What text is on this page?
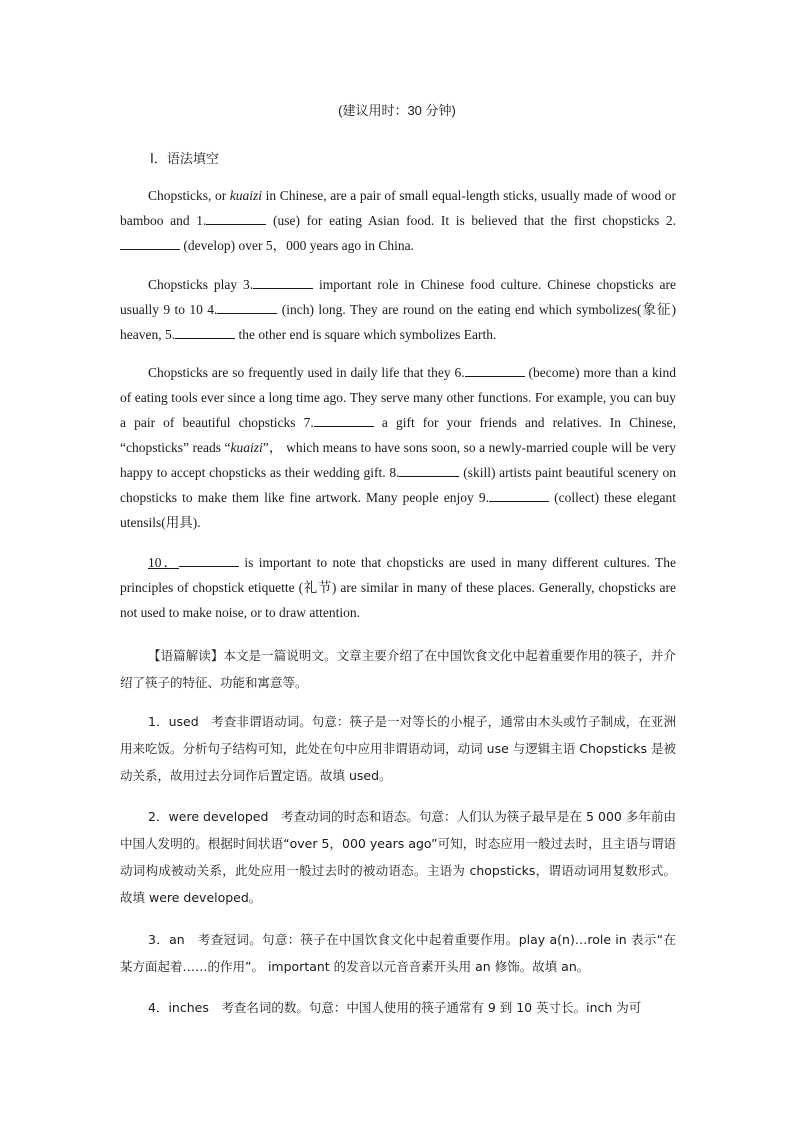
(建议用时：30 分钟)
Ⅰ．语法填空

Chopsticks, or kuaizi in Chinese, are a pair of small equal-length sticks, usually made of wood or bamboo and 1.	(use) for eating Asian food. It is believed that the first chopsticks 2. (develop) over 5，000 years ago in China.

Chopsticks play 3.	important role in Chinese food culture. Chinese chopsticks are usually 9 to 10 4.	(inch) long. They are round on the eating end which symbolizes(象征) heaven, 5.	the other end is square which symbolizes Earth.

Chopsticks are so frequently used in daily life that they 6.	(become) more than a kind of eating tools ever since a long time ago. They serve many other functions. For example, you can buy a pair of beautiful chopsticks 7.	a gift for your friends and relatives. In Chinese, “chopsticks” reads “kuaizi”， which means to have sons soon, so a newly-married couple will be very happy to accept chopsticks as their wedding gift. 8.	(skill) artists paint beautiful scenery on chopsticks to make them like fine artwork. Many people enjoy 9.	(collect) these elegant utensils(用具).

10．	is important to note that chopsticks are used in many different cultures. The principles of chopstick etiquette (礼节) are similar in many of these places. Generally, chopsticks are not used to make noise, or to draw attention.

【语篇解读】本文是一篇说明文。文章主要介绍了在中国饮食文化中起着重要作用的筷子，并介绍了筷子的特征、功能和寓意等。

1．used　考查非谓语动词。句意：筷子是一对等长的小棍子，通常由木头或竹子制成，在亚洲用来吃饭。分析句子结构可知，此处在句中应用非谓语动词，动词 use 与逻辑主语 Chopsticks 是被动关系，故用过去分词作后置定语。故填 used。

2．were developed　考查动词的时态和语态。句意：人们认为筷子最早是在 5 000 多年前由中国人发明的。根据时间状语“over 5，000 years ago”可知，时态应用一般过去时，且主语与谓语动词构成被动关系，此处应用一般过去时的被动语态。主语为 chopsticks，谓语动词用复数形式。故填 were developed。

3．an　考查冠词。句意：筷子在中国饮食文化中起着重要作用。play a(n)…role in 表示“在某方面起着……的作用”。 important 的发音以元音音素开头用 an 修饰。故填 an。

4．inches　考查名词的数。句意：中国人使用的筷子通常有 9 到 10 英寸长。inch 为可
